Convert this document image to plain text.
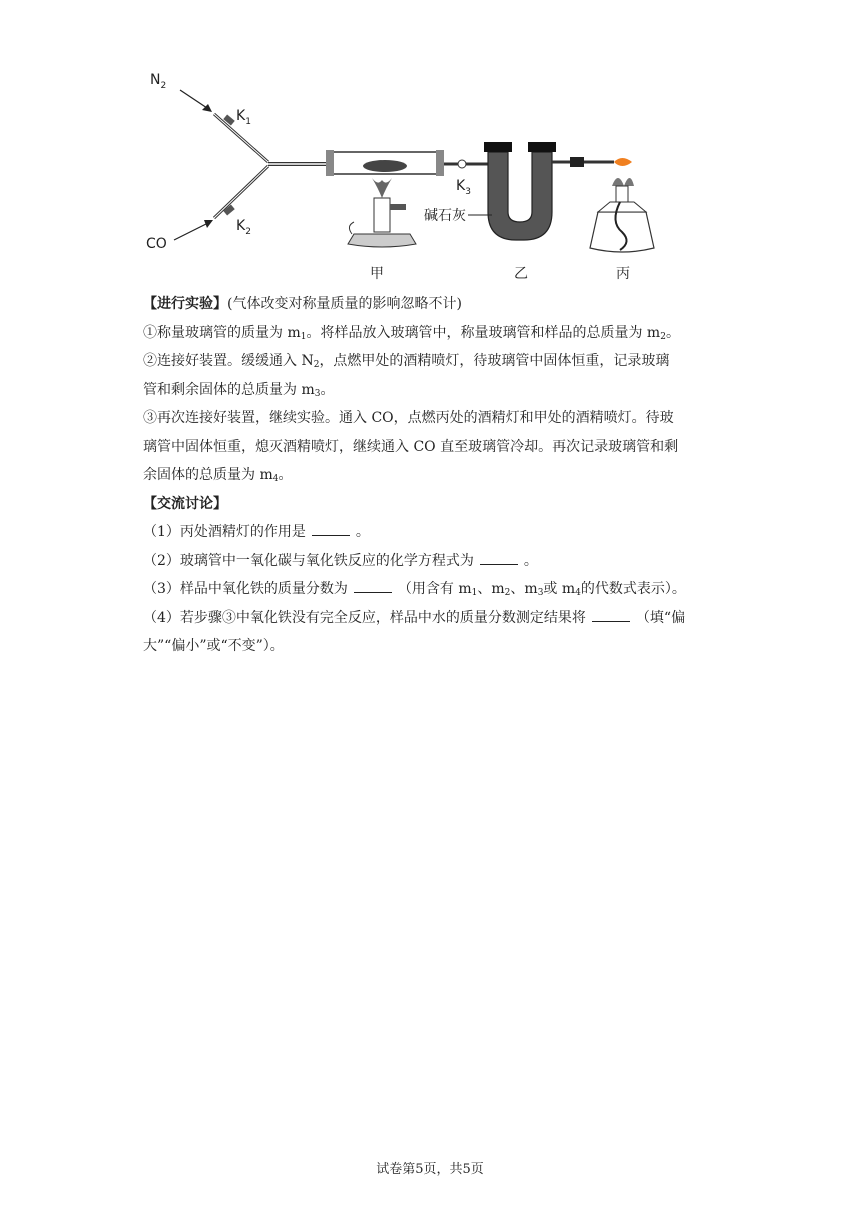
$N_2$
$K_1$
CO
$K_2$
$K_3$
碱石灰
甲	乙	丙
【进行实验】(气体改变对称量质量的影响忽略不计)
①称量玻璃管的质量为 $m_1$。将样品放入玻璃管中，称量玻璃管和样品的总质量为 $m_2$。
②连接好装置。缓缓通入 $N_2$，点燃甲处的酒精喷灯，待玻璃管中固体恒重，记录玻璃
管和剩余固体的总质量为 $m_3$。
③再次连接好装置，继续实验。通入 CO，点燃丙处的酒精灯和甲处的酒精喷灯。待玻
璃管中固体恒重，熄灭酒精喷灯，继续通入 CO 直至玻璃管冷却。再次记录玻璃管和剩
余固体的总质量为 $m_4$。
【交流讨论】
（1）丙处酒精灯的作用是	。
（2）玻璃管中一氧化碳与氧化铁反应的化学方程式为	。
（3）样品中氧化铁的质量分数为	（用含有 $m_1$、$m_2$、$m_3$或 $m_4$的代数式表示）。
（4）若步骤③中氧化铁没有完全反应，样品中水的质量分数测定结果将	（填“偏
大”“偏小”或“不变”）。
试卷第5页，共5页
